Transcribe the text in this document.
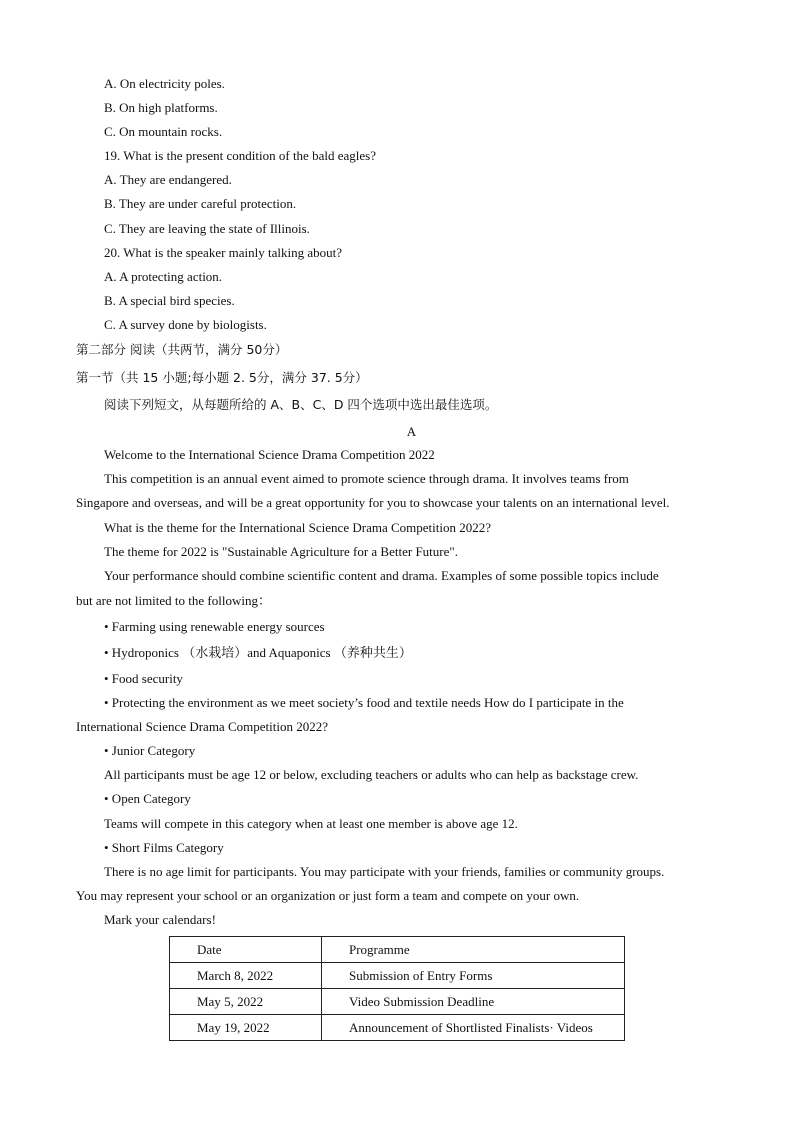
A. On electricity poles.
B. On high platforms.
C. On mountain rocks.
19. What is the present condition of the bald eagles?
A. They are endangered.
B. They are under careful protection.
C. They are leaving the state of Illinois.
20. What is the speaker mainly talking about?
A. A protecting action.
B. A special bird species.
C. A survey done by biologists.
第二部分 阅读（共两节，满分 50分）
第一节（共 15 小题;每小题 2. 5分，满分 37. 5分）
阅读下列短文，从每题所给的 A、B、C、D 四个选项中选出最佳选项。
A
Welcome to the International Science Drama Competition 2022
This competition is an annual event aimed to promote science through drama. It involves teams from
Singapore and overseas, and will be a great opportunity for you to showcase your talents on an international level.
What is the theme for the International Science Drama Competition 2022?
The theme for 2022 is "Sustainable Agriculture for a Better Future".
Your performance should combine scientific content and drama. Examples of some possible topics include
but are not limited to the following：
• Farming using renewable energy sources
• Hydroponics （水栽培）and Aquaponics （养种共生）
• Food security
• Protecting the environment as we meet society’s food and textile needs How do I participate in the
International Science Drama Competition 2022?
• Junior Category
All participants must be age 12 or below, excluding teachers or adults who can help as backstage crew.
• Open Category
Teams will compete in this category when at least one member is above age 12.
• Short Films Category
There is no age limit for participants. You may participate with your friends, families or community groups.
You may represent your school or an organization or just form a team and compete on your own.
Mark your calendars!
Date	Programme
March 8, 2022	Submission of Entry Forms
May 5, 2022	Video Submission Deadline
May 19, 2022	Announcement of Shortlisted Finalists· Videos
